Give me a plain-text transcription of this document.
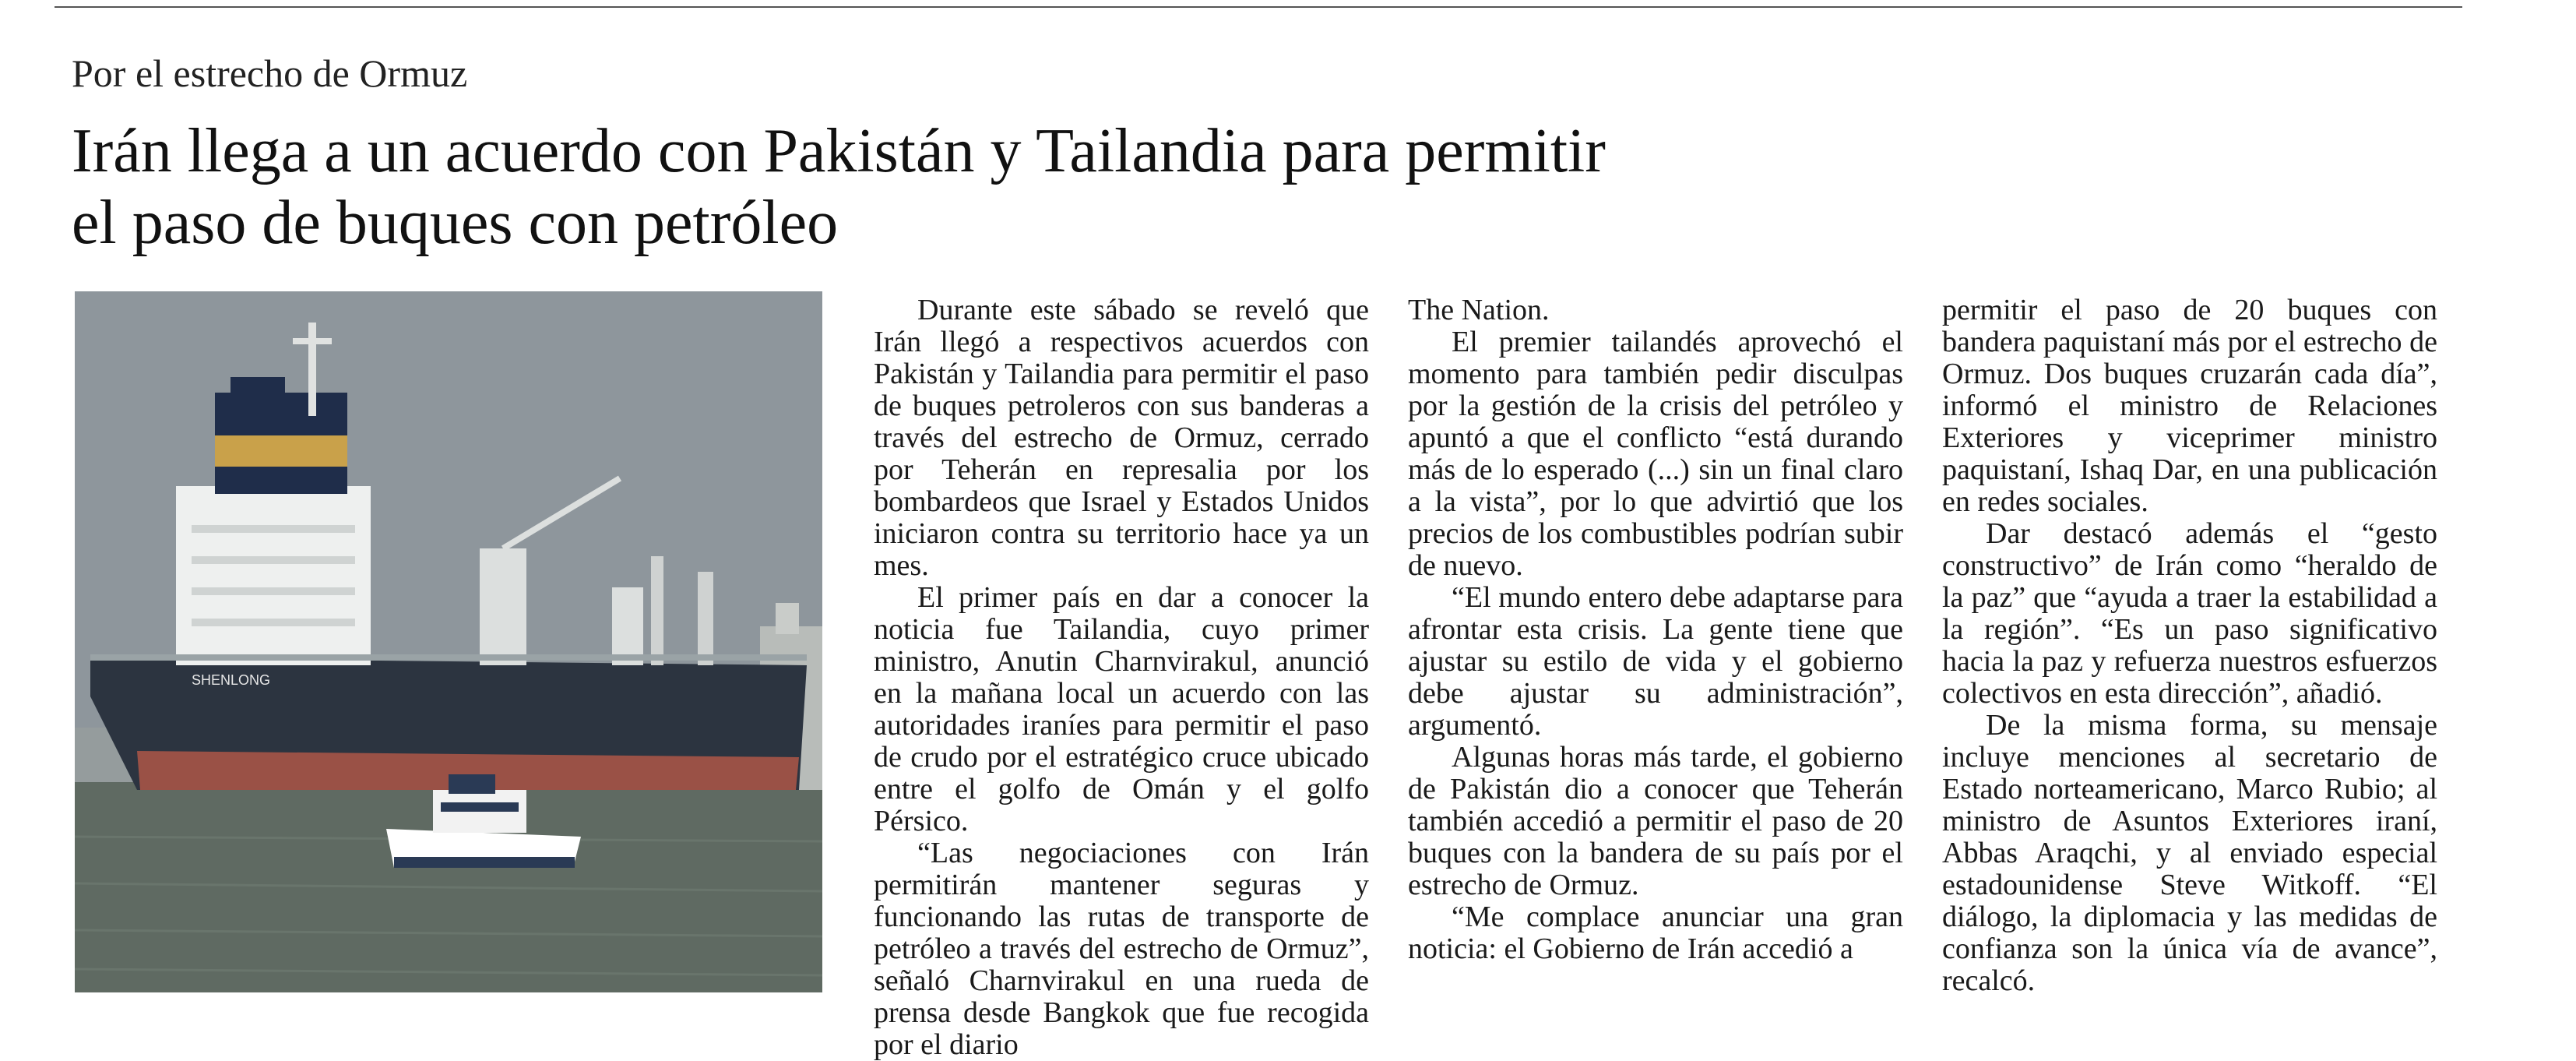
Por el estrecho de Ormuz
Irán llega a un acuerdo con Pakistán y Tailandia para permitir
el paso de buques con petróleo
SHENLONG

Durante este sábado se reveló que Irán llegó a respectivos acuerdos con Pakistán y Tailandia para permitir el paso de buques petroleros con sus banderas a través del estrecho de Ormuz, cerrado por Teherán en represalia por los bombardeos que Israel y Estados Unidos iniciaron contra su territorio hace ya un mes.

El primer país en dar a conocer la noticia fue Tailandia, cuyo primer ministro, Anutin Charnvirakul, anunció en la mañana local un acuerdo con las autoridades iraníes para permitir el paso de crudo por el estratégico cruce ubicado entre el golfo de Omán y el golfo Pérsico.

“Las negociaciones con Irán permitirán mantener seguras y funcionando las rutas de transporte de petróleo a través del estrecho de Ormuz”, señaló Charnvirakul en una rueda de prensa desde Bangkok que fue recogida por el diario

The Nation.

El premier tailandés aprovechó el momento para también pedir disculpas por la gestión de la crisis del petróleo y apuntó a que el conflicto “está durando más de lo esperado (...) sin un final claro a la vista”, por lo que advirtió que los precios de los combustibles podrían subir de nuevo.

“El mundo entero debe adaptarse para afrontar esta crisis. La gente tiene que ajustar su estilo de vida y el gobierno debe ajustar su administración”, argumentó.

Algunas horas más tarde, el gobierno de Pakistán dio a conocer que Teherán también accedió a permitir el paso de 20 buques con la bandera de su país por el estrecho de Ormuz.

“Me complace anunciar una gran noticia: el Gobierno de Irán accedió a

permitir el paso de 20 buques con bandera paquistaní más por el estrecho de Ormuz. Dos buques cruzarán cada día”, informó el ministro de Relaciones Exteriores y viceprimer ministro paquistaní, Ishaq Dar, en una publicación en redes sociales.

Dar destacó además el “gesto constructivo” de Irán como “heraldo de la paz” que “ayuda a traer la estabilidad a la región”. “Es un paso significativo hacia la paz y refuerza nuestros esfuerzos colectivos en esta dirección”, añadió.

De la misma forma, su mensaje incluye menciones al secretario de Estado norteamericano, Marco Rubio; al ministro de Asuntos Exteriores iraní, Abbas Araqchi, y al enviado especial estadounidense Steve Witkoff. “El diálogo, la diplomacia y las medidas de confianza son la única vía de avance”, recalcó.
